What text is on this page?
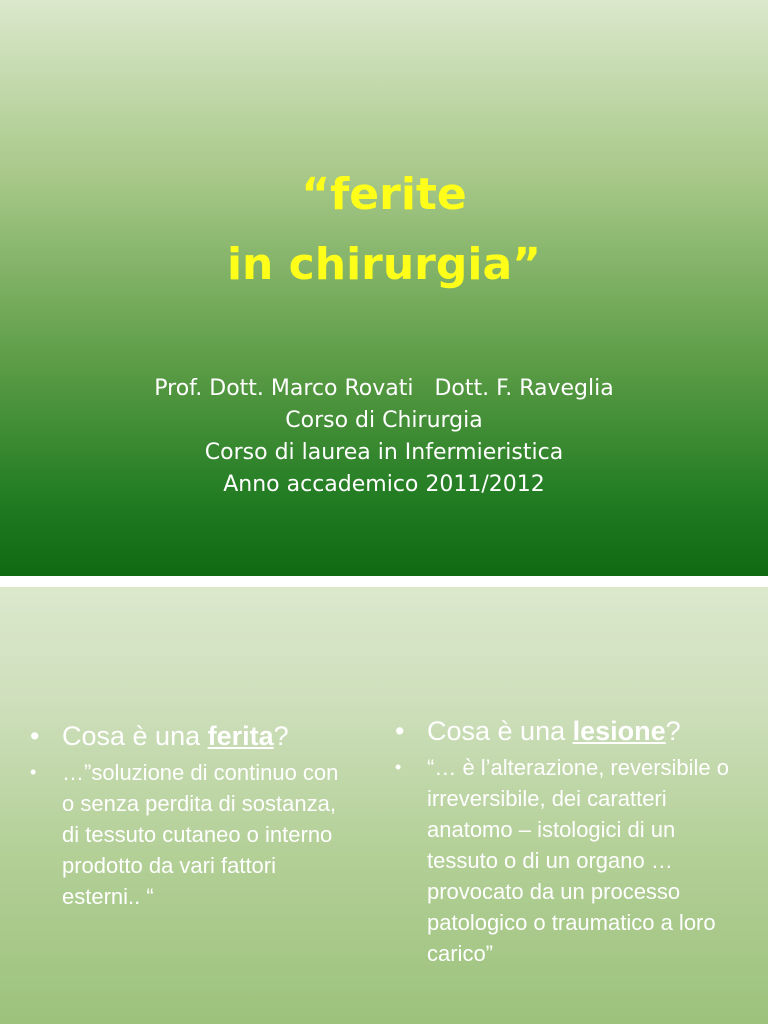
“ferite
in chirurgia”
Prof. Dott. Marco Rovati   Dott. F. Raveglia
Corso di Chirurgia
Corso di laurea in Infermieristica
Anno accademico 2011/2012
• Cosa è una ferita?
• …”soluzione di continuo con o senza perdita di sostanza, di tessuto cutaneo o interno prodotto da vari fattori esterni.. “
• Cosa è una lesione?
• “… è l’alterazione, reversibile o irreversibile, dei caratteri anatomo – istologici di un tessuto o di un organo … provocato da un processo patologico o traumatico a loro carico”
